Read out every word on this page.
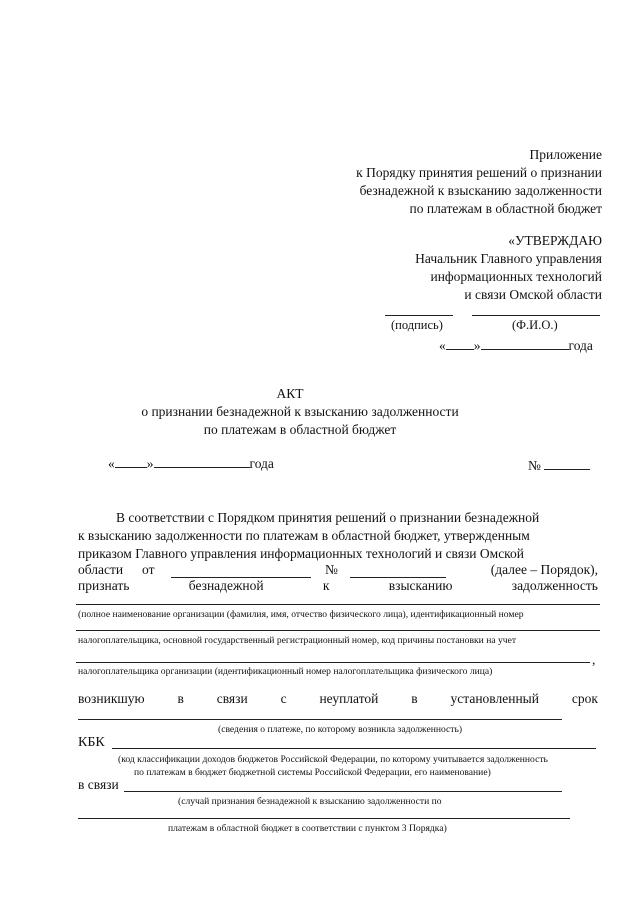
Приложение
к Порядку принятия решений о признании
безнадежной к взысканию задолженности
по платежам в областной бюджет
«УТВЕРЖДАЮ
Начальник Главного управления
информационных технологий
и связи Омской области
(подпись)	(Ф.И.О.)
« »	года
АКТ
о признании безнадежной к взысканию задолженности
по платежам в областной бюджет
« »	года	№
В соответствии с Порядком принятия решений о признании безнадежной
к взысканию задолженности по платежам в областной бюджет, утвержденным
приказом Главного управления информационных технологий и связи Омской
области от	№	(далее – Порядок),
признать	безнадежной	к	взысканию	задолженность
(полное наименование организации (фамилия, имя, отчество физического лица), идентификационный номер
налогоплательщика, основной государственный регистрационный номер, код причины постановки на учет
,
налогоплательщика организации (идентификационный номер налогоплательщика физического лица)
возникшую в связи с неуплатой в установленный срок
(сведения о платеже, по которому возникла задолженность)
КБК
(код классификации доходов бюджетов Российской Федерации, по которому учитывается задолженность
по платежам в бюджет бюджетной системы Российской Федерации, его наименование)
в связи
(случай признания безнадежной к взысканию задолженности по
платежам в областной бюджет в соответствии с пунктом 3 Порядка)
